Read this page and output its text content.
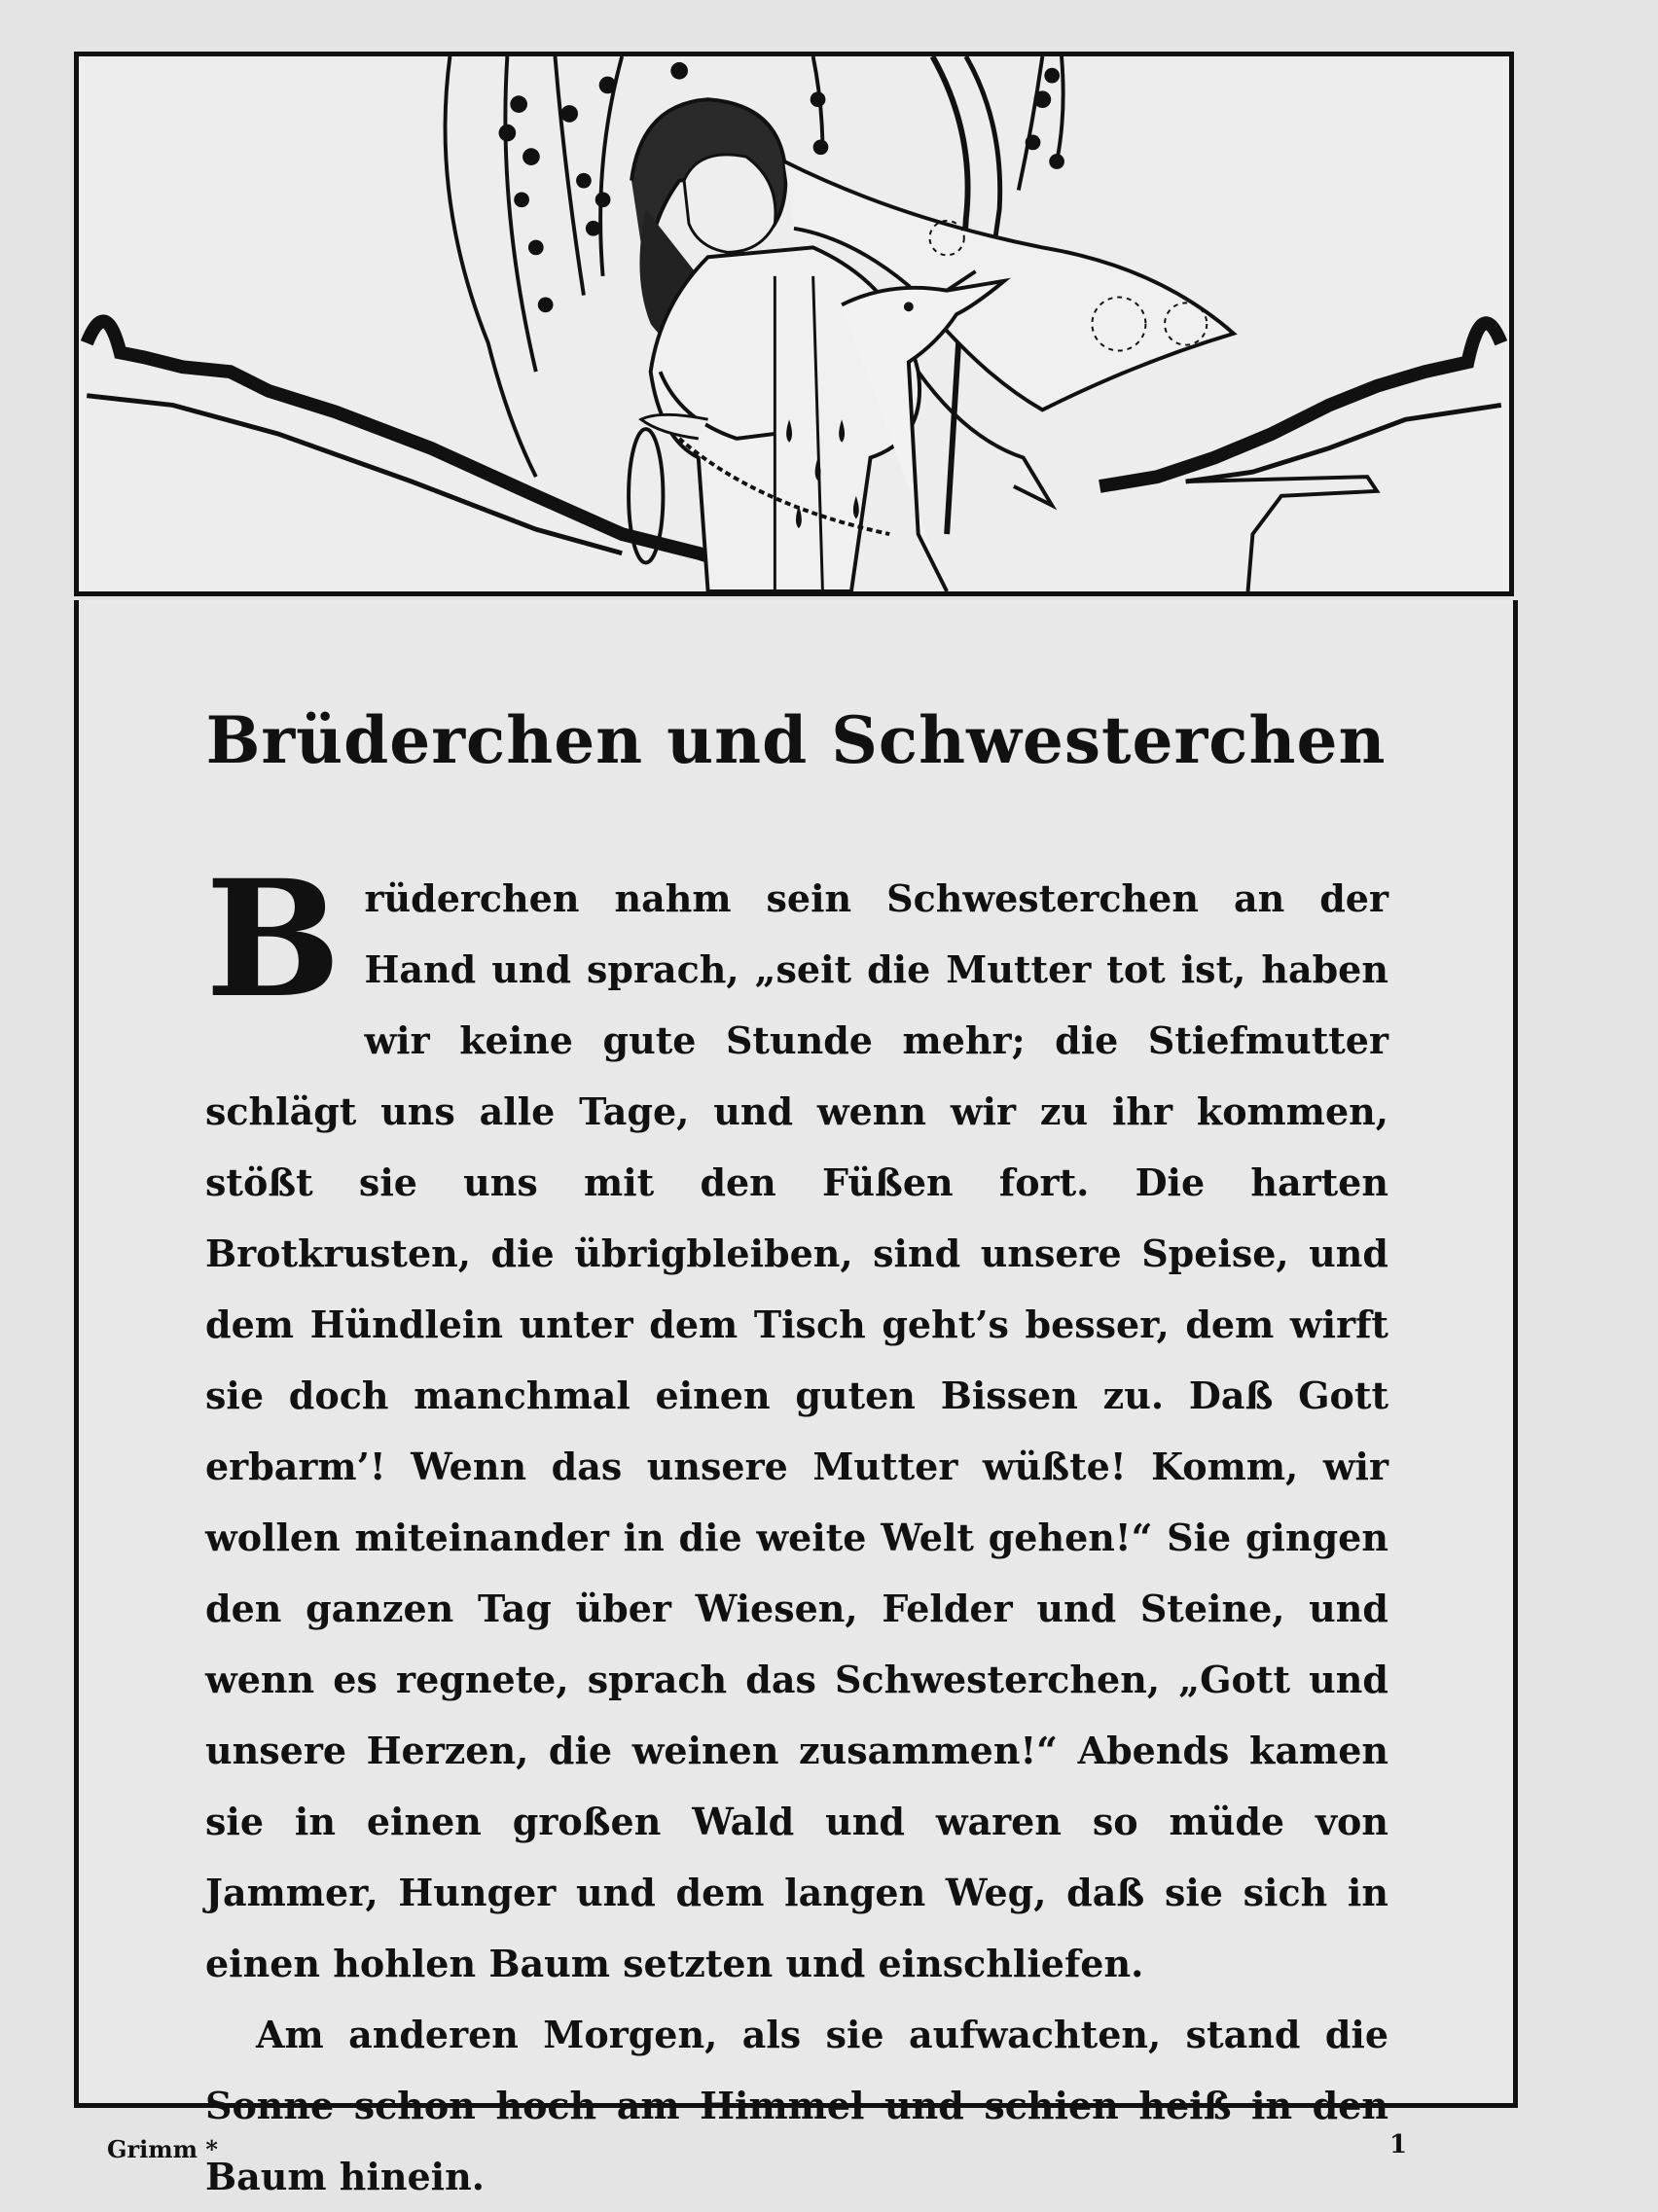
Brüderchen und Schwesterchen

Brüderchen nahm sein Schwesterchen an der Hand und sprach, „seit die Mutter tot ist, haben wir keine gute Stunde mehr; die Stiefmutter schlägt uns alle Tage, und wenn wir zu ihr kommen, stößt sie uns mit den Füßen fort. Die harten Brotkrusten, die übrigbleiben, sind unsere Speise, und dem Hündlein unter dem Tisch geht’s besser, dem wirft sie doch manchmal einen guten Bissen zu. Daß Gott erbarm’! Wenn das unsere Mutter wüßte! Komm, wir wollen miteinander in die weite Welt gehen!“ Sie gingen den ganzen Tag über Wiesen, Felder und Steine, und wenn es regnete, sprach das Schwesterchen, „Gott und unsere Herzen, die weinen zusammen!“ Abends kamen sie in einen großen Wald und waren so müde von Jammer, Hunger und dem langen Weg, daß sie sich in einen hohlen Baum setzten und einschliefen.

Am anderen Morgen, als sie aufwachten, stand die Sonne schon hoch am Himmel und schien heiß in den Baum hinein.

Grimm *	1
